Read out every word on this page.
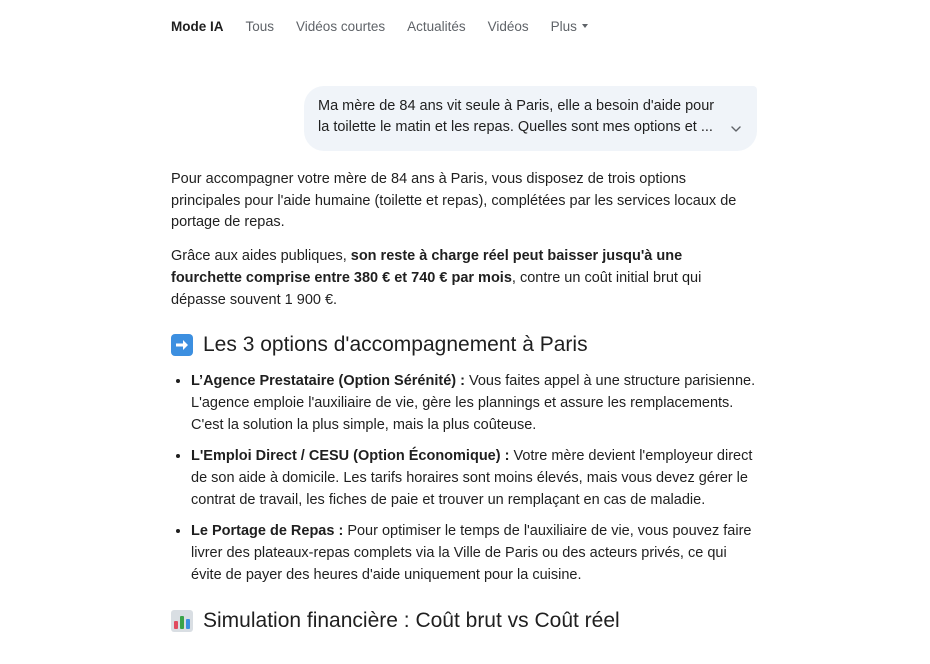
Mode IA Tous Vidéos courtes Actualités Vidéos Plus
Ma mère de 84 ans vit seule à Paris, elle a besoin d'aide pour
la toilette le matin et les repas. Quelles sont mes options et ...

Pour accompagner votre mère de 84 ans à Paris, vous disposez de trois options principales pour l'aide humaine (toilette et repas), complétées par les services locaux de portage de repas.

Grâce aux aides publiques, son reste à charge réel peut baisser jusqu'à une fourchette comprise entre 380 € et 740 € par mois, contre un coût initial brut qui dépasse souvent 1 900 €.

Les 3 options d'accompagnement à Paris
• L’Agence Prestataire (Option Sérénité) : Vous faites appel à une structure parisienne. L'agence emploie l'auxiliaire de vie, gère les plannings et assure les remplacements. C'est la solution la plus simple, mais la plus coûteuse.
• L'Emploi Direct / CESU (Option Économique) : Votre mère devient l'employeur direct de son aide à domicile. Les tarifs horaires sont moins élevés, mais vous devez gérer le contrat de travail, les fiches de paie et trouver un remplaçant en cas de maladie.
• Le Portage de Repas : Pour optimiser le temps de l'auxiliaire de vie, vous pouvez faire livrer des plateaux-repas complets via la Ville de Paris ou des acteurs privés, ce qui évite de payer des heures d'aide uniquement pour la cuisine.
Simulation financière : Coût brut vs Coût réel
